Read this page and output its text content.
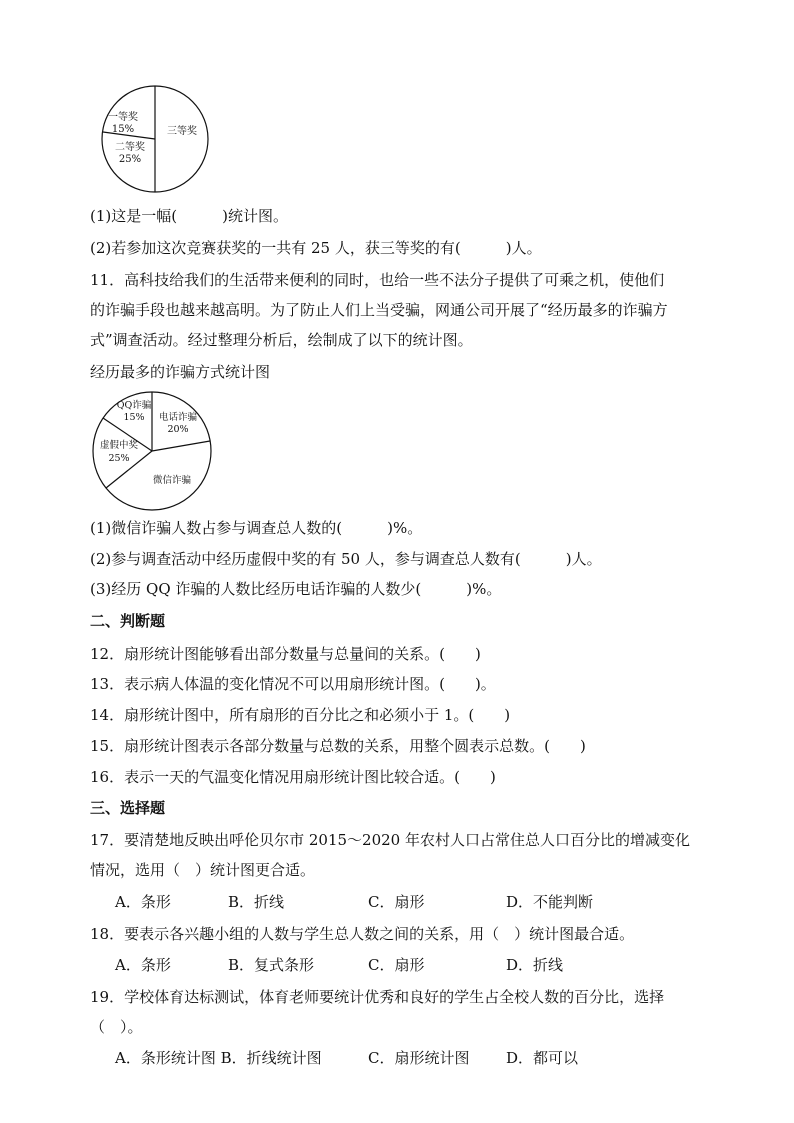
一等奖
15%
二等奖
25%
三等奖
(1)这是一幅(　　　)统计图。
(2)若参加这次竞赛获奖的一共有 25 人，获三等奖的有(　　　)人。
11．高科技给我们的生活带来便利的同时，也给一些不法分子提供了可乘之机，使他们
的诈骗手段也越来越高明。为了防止人们上当受骗，网通公司开展了“经历最多的诈骗方
式”调查活动。经过整理分析后，绘制成了以下的统计图。
经历最多的诈骗方式统计图
QQ诈骗
15% 电话诈骗
20%
虚假中奖
25%
微信诈骗
(1)微信诈骗人数占参与调查总人数的(　　　)%。
(2)参与调查活动中经历虚假中奖的有 50 人，参与调查总人数有(　　　)人。
(3)经历 QQ 诈骗的人数比经历电话诈骗的人数少(　　　)%。
二、判断题
12．扇形统计图能够看出部分数量与总量间的关系。(　　)
13．表示病人体温的变化情况不可以用扇形统计图。(　　)。
14．扇形统计图中，所有扇形的百分比之和必须小于 1。(　　)
15．扇形统计图表示各部分数量与总数的关系，用整个圆表示总数。(　　)
16．表示一天的气温变化情况用扇形统计图比较合适。(　　)
三、选择题
17．要清楚地反映出呼伦贝尔市 2015～2020 年农村人口占常住总人口百分比的增减变化
情况，选用（　）统计图更合适。
A．条形	B．折线	C．扇形	D．不能判断
18．要表示各兴趣小组的人数与学生总人数之间的关系，用（　）统计图最合适。
A．条形	B．复式条形	C．扇形	D．折线
19．学校体育达标测试，体育老师要统计优秀和良好的学生占全校人数的百分比，选择
（　）。
A．条形统计图 B．折线统计图	C．扇形统计图 D．都可以
